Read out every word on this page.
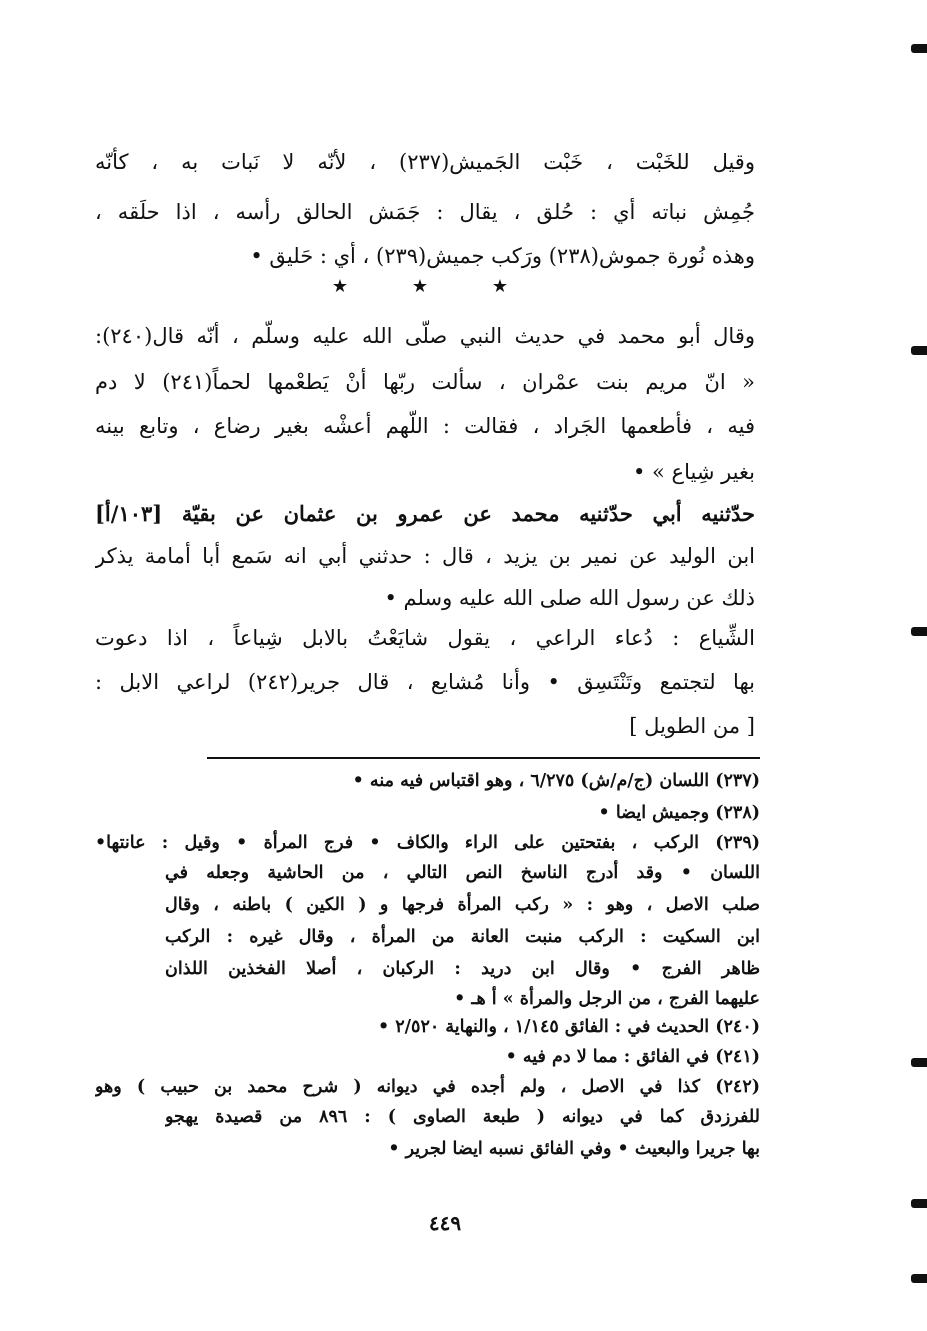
وقيل للخَبْت ، خَبْت الجَميش(٢٣٧) ، لأنّه لا نَبات به ، كأنّه
جُمِش نباته أي : حُلق ، يقال : جَمَش الحالق رأسه ، اذا حلَقه ،
وهذه نُورة جموش(٢٣٨) ورَكب جميش(٢٣٩) ، أي : حَليق •
وقال أبو محمد في حديث النبي صلّى الله عليه وسلّم ، أنّه قال(٢٤٠):
« انّ مريم بنت عمْران ، سألت ربّها أنْ يَطعْمها لحماً(٢٤١) لا دم
فيه ، فأطعمها الجَراد ، فقالت : اللّهم أعشْه بغير رضاع ، وتابع بينه
بغير شِياع » •
حدّثنيه أبي حدّثنيه محمد عن عمرو بن عثمان عن بقيّة [١٠٣/أ]
ابن الوليد عن نمير بن يزيد ، قال : حدثني أبي انه سَمع أبا أمامة يذكر
ذلك عن رسول الله صلى الله عليه وسلم •
الشِّياع : دُعاء الراعي ، يقول شايَعْتُ بالابل شِياعاً ، اذا دعوت
بها لتجتمع وتَنْتَسِق • وأنا مُشايع ، قال جرير(٢٤٢) لراعي الابل :
[ من الطويل ]
★	★	★
(٢٣٧) اللسان (ج/م/ش) ٦/٢٧٥ ، وهو اقتباس فيه منه •
(٢٣٨) وجميش ايضا •
(٢٣٩) الركب ، بفتحتين على الراء والكاف • فرج المرأة • وقيل : عانتها•
اللسان • وقد أدرج الناسخ النص التالي ، من الحاشية وجعله في
صلب الاصل ، وهو : « ركب المرأة فرجها و ( الكين ) باطنه ، وقال
ابن السكيت : الركب منبت العانة من المرأة ، وقال غيره : الركب
ظاهر الفرج • وقال ابن دريد : الركبان ، أصلا الفخذين اللذان
عليهما الفرج ، من الرجل والمرأة » أ هـ •
(٢٤٠) الحديث في : الفائق ١/١٤٥ ، والنهاية ٢/٥٢٠ •
(٢٤١) في الفائق : مما لا دم فيه •
(٢٤٢) كذا في الاصل ، ولم أجده في ديوانه ( شرح محمد بن حبيب ) وهو
للفرزدق كما في ديوانه ( طبعة الصاوى ) : ٨٩٦ من قصيدة يهجو
بها جريرا والبعيث • وفي الفائق نسبه ايضا لجرير •
٤٤٩
